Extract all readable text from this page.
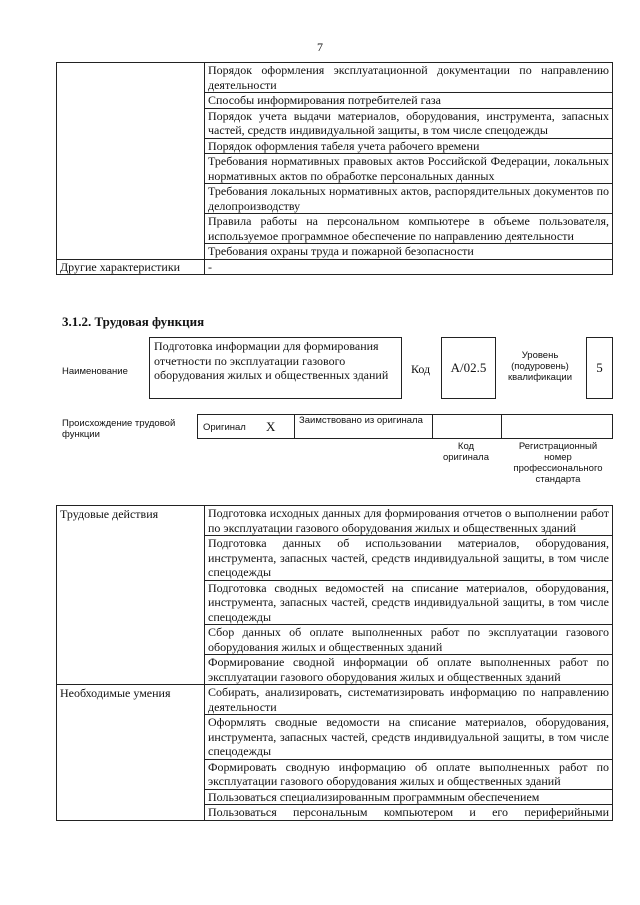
7
	Порядок оформления эксплуатационной документации по направлению деятельности
	Способы информирования потребителей газа
	Порядок учета выдачи материалов, оборудования, инструмента, запасных частей, средств индивидуальной защиты, в том числе спецодежды
	Порядок оформления табеля учета рабочего времени
	Требования нормативных правовых актов Российской Федерации, локальных нормативных актов по обработке персональных данных
	Требования локальных нормативных актов, распорядительных документов по делопроизводству
	Правила работы на персональном компьютере в объеме пользователя, используемое программное обеспечение по направлению деятельности
	Требования охраны труда и пожарной безопасности
Другие характеристики	-
3.1.2. Трудовая функция
Наименование
Подготовка информации для формирования отчетности по эксплуатации газового оборудования жилых и общественных зданий	Код	А/02.5
Уровень (подуровень) квалификации
5
Происхождение трудовой функции
Оригинал X Заимствовано из оригинала
Код оригинала
Регистрационный номер профессионального стандарта
Трудовые действия	Подготовка исходных данных для формирования отчетов о выполнении работ по эксплуатации газового оборудования жилых и общественных зданий
	Подготовка данных об использовании материалов, оборудования, инструмента, запасных частей, средств индивидуальной защиты, в том числе спецодежды
	Подготовка сводных ведомостей на списание материалов, оборудования, инструмента, запасных частей, средств индивидуальной защиты, в том числе спецодежды
	Сбор данных об оплате выполненных работ по эксплуатации газового оборудования жилых и общественных зданий
	Формирование сводной информации об оплате выполненных работ по эксплуатации газового оборудования жилых и общественных зданий
Необходимые умения	Собирать, анализировать, систематизировать информацию по направлению деятельности
	Оформлять сводные ведомости на списание материалов, оборудования, инструмента, запасных частей, средств индивидуальной защиты, в том числе спецодежды
	Формировать сводную информацию об оплате выполненных работ по эксплуатации газового оборудования жилых и общественных зданий
	Пользоваться специализированным программным обеспечением
	Пользоваться персональным компьютером и его периферийными
